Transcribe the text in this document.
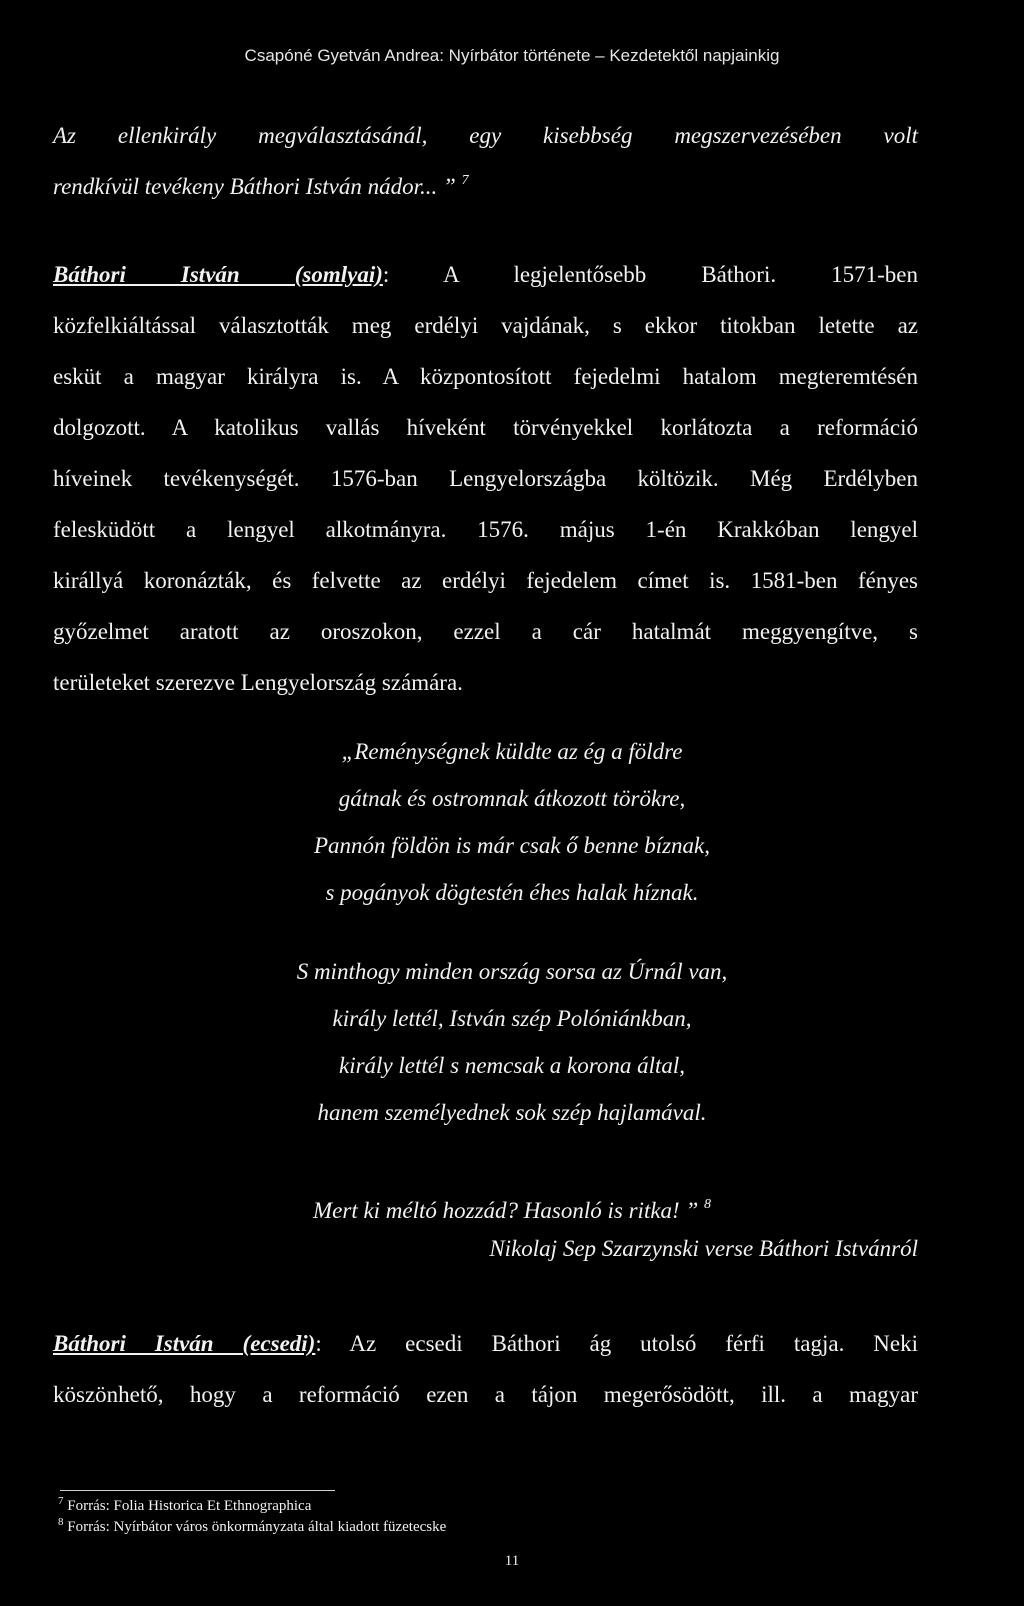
Csapóné Gyetván Andrea: Nyírbátor története – Kezdetektől napjainkig
Az ellenkirály megválasztásánál, egy kisebbség megszervezésében volt
rendkívül tevékeny Báthori István nádor... ” $^7$
Báthori István (somlyai): A legjelentősebb Báthori. 1571-ben
közfelkiáltással választották meg erdélyi vajdának, s ekkor titokban letette az
esküt a magyar királyra is. A központosított fejedelmi hatalom megteremtésén
dolgozott. A katolikus vallás híveként törvényekkel korlátozta a reformáció
híveinek tevékenységét. 1576-ban Lengyelországba költözik. Még Erdélyben
felesküdött a lengyel alkotmányra. 1576. május 1-én Krakkóban lengyel
királlyá koronázták, és felvette az erdélyi fejedelem címet is. 1581-ben fényes
győzelmet aratott az oroszokon, ezzel a cár hatalmát meggyengítve, s
területeket szerezve Lengyelország számára.
„Reménységnek küldte az ég a földre
gátnak és ostromnak átkozott törökre,
Pannón földön is már csak ő benne bíznak,
s pogányok dögtestén éhes halak híznak.
S minthogy minden ország sorsa az Úrnál van,
király lettél, István szép Polóniánkban,
király lettél s nemcsak a korona által,
hanem személyednek sok szép hajlamával.
Mert ki méltó hozzád? Hasonló is ritka! ” $^8$
Nikolaj Sep Szarzynski verse Báthori Istvánról
Báthori István (ecsedi): Az ecsedi Báthori ág utolsó férfi tagja. Neki
köszönhető, hogy a reformáció ezen a tájon megerősödött, ill. a magyar
$^7$ Forrás: Folia Historica Et Ethnographica
$^8$ Forrás: Nyírbátor város önkormányzata által kiadott füzetecske
11
